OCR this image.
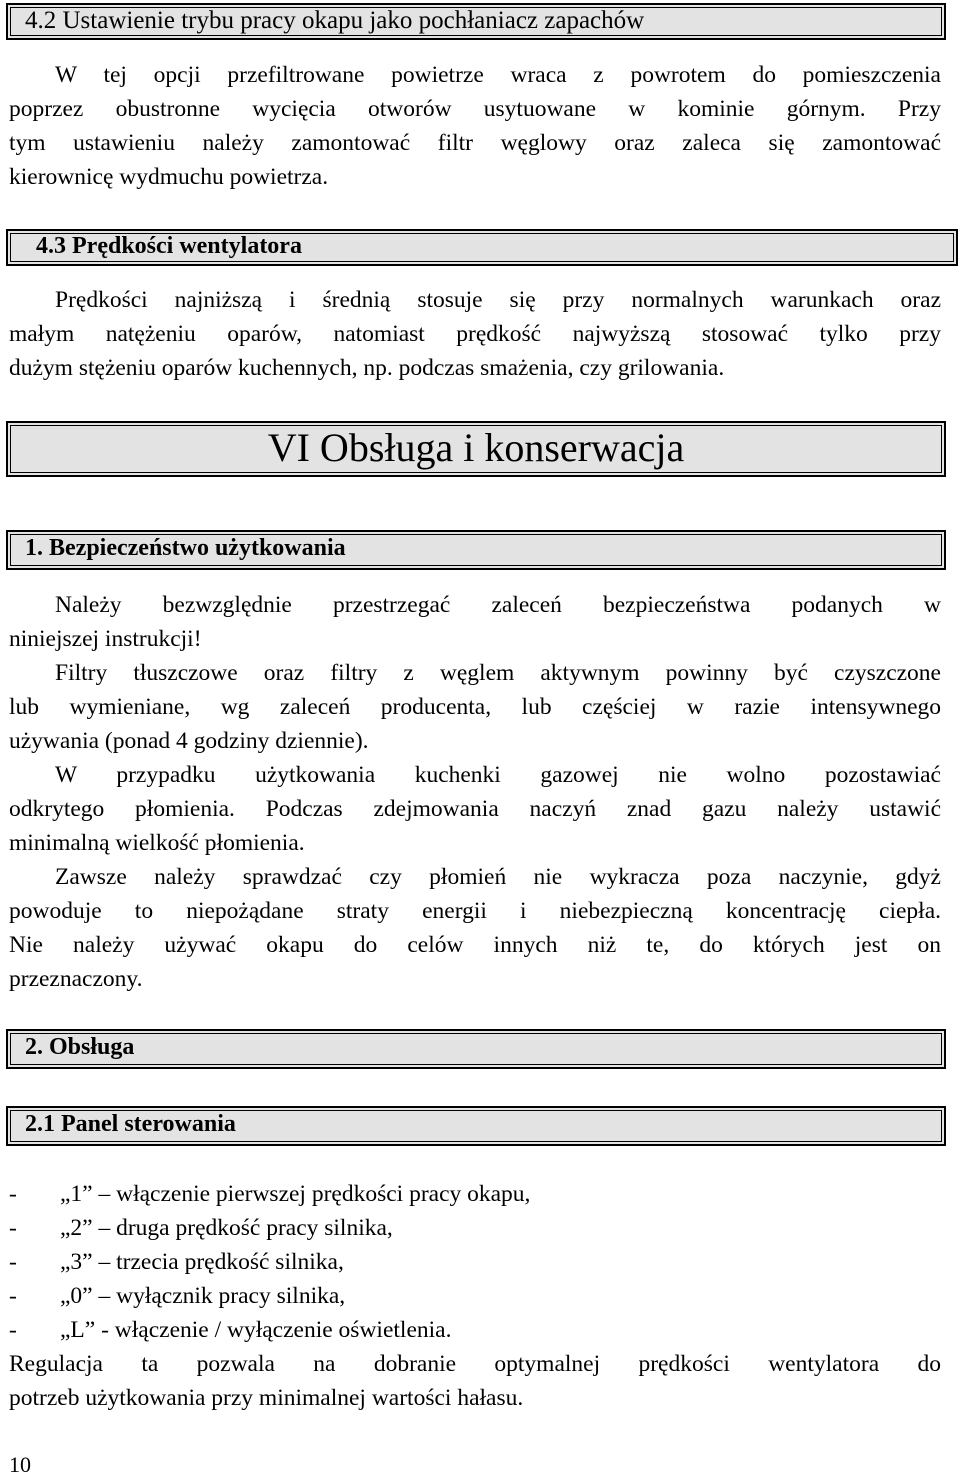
4.2 Ustawienie trybu pracy okapu jako pochłaniacz zapachów
W tej opcji przefiltrowane powietrze wraca z powrotem do pomieszczenia
poprzez obustronne wycięcia otworów usytuowane w kominie górnym. Przy
tym ustawieniu należy zamontować filtr węglowy oraz zaleca się zamontować
kierownicę wydmuchu powietrza.
4.3 Prędkości wentylatora
Prędkości najniższą i średnią stosuje się przy normalnych warunkach oraz
małym natężeniu oparów, natomiast prędkość najwyższą stosować tylko przy
dużym stężeniu oparów kuchennych, np. podczas smażenia, czy grilowania.
VI Obsługa i konserwacja
1. Bezpieczeństwo użytkowania
Należy bezwzględnie przestrzegać zaleceń bezpieczeństwa podanych w
niniejszej instrukcji!
Filtry tłuszczowe oraz filtry z węglem aktywnym powinny być czyszczone
lub wymieniane, wg zaleceń producenta, lub częściej w razie intensywnego
używania (ponad 4 godziny dziennie).
W przypadku użytkowania kuchenki gazowej nie wolno pozostawiać
odkrytego płomienia. Podczas zdejmowania naczyń znad gazu należy ustawić
minimalną wielkość płomienia.
Zawsze należy sprawdzać czy płomień nie wykracza poza naczynie, gdyż
powoduje to niepożądane straty energii i niebezpieczną koncentrację ciepła.
Nie należy używać okapu do celów innych niż te, do których jest on
przeznaczony.
2. Obsługa
2.1 Panel sterowania
- „1” – włączenie pierwszej prędkości pracy okapu,
- „2” – druga prędkość pracy silnika,
- „3” – trzecia prędkość silnika,
- „0” – wyłącznik pracy silnika,
- „L” - włączenie / wyłączenie oświetlenia.
Regulacja ta pozwala na dobranie optymalnej prędkości wentylatora do
potrzeb użytkowania przy minimalnej wartości hałasu.
10
